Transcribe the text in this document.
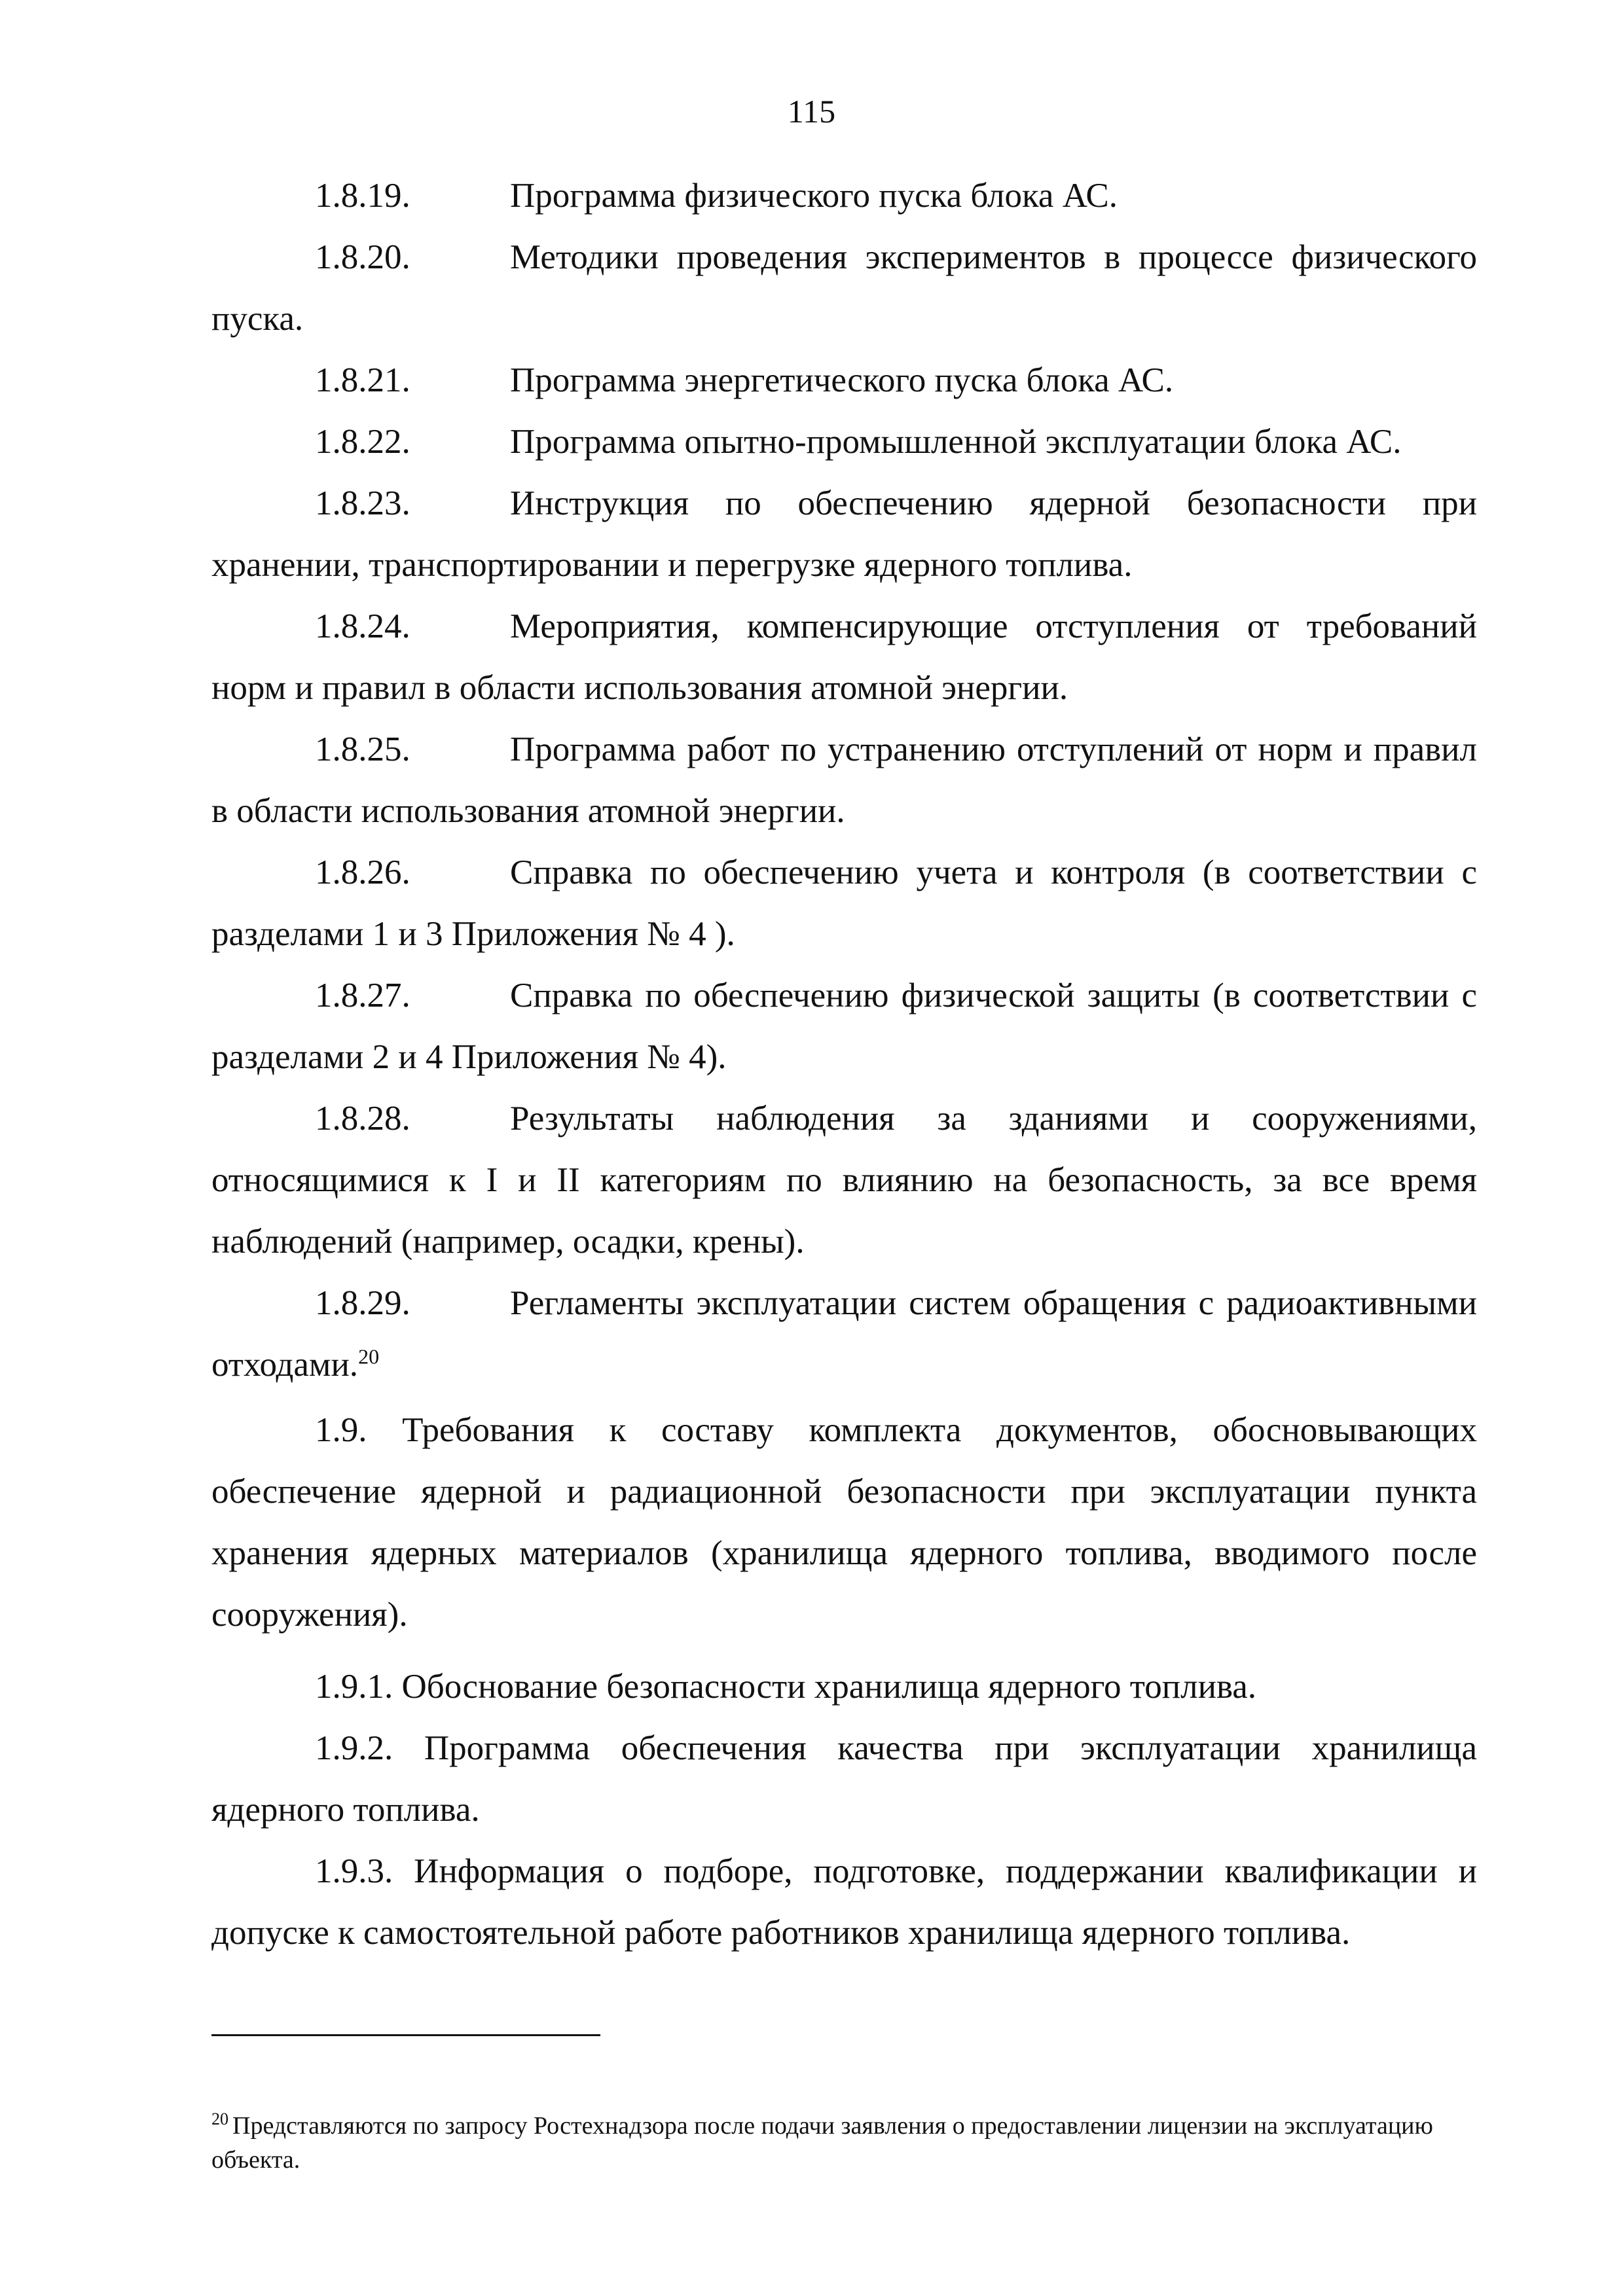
115

1.8.19.	Программа физического пуска блока АС.

1.8.20.	Методики проведения экспериментов в процессе физического пуска.

1.8.21.	Программа энергетического пуска блока АС.

1.8.22.	Программа опытно-промышленной эксплуатации блока АС.

1.8.23.	Инструкция по обеспечению ядерной безопасности при хранении, транспортировании и перегрузке ядерного топлива.

1.8.24.	Мероприятия, компенсирующие отступления от требований норм и правил в области использования атомной энергии.

1.8.25.	Программа работ по устранению отступлений от норм и правил в области использования атомной энергии.

1.8.26.	Справка по обеспечению учета и контроля (в соответствии с разделами 1 и 3 Приложения № 4 ).

1.8.27.	Справка по обеспечению физической защиты (в соответствии с разделами 2 и 4 Приложения № 4).

1.8.28.	Результаты наблюдения за зданиями и сооружениями, относящимися к I и II категориям по влиянию на безопасность, за все время наблюдений (например, осадки, крены).

1.8.29.	Регламенты эксплуатации систем обращения с радиоактивными отходами.$^{20}$

1.9. Требования к составу комплекта документов, обосновывающих обеспечение ядерной и радиационной безопасности при эксплуатации пункта хранения ядерных материалов (хранилища ядерного топлива, вводимого после сооружения).

1.9.1. Обоснование безопасности хранилища ядерного топлива.

1.9.2. Программа обеспечения качества при эксплуатации хранилища ядерного топлива.

1.9.3. Информация о подборе, подготовке, поддержании квалификации и допуске к самостоятельной работе работников хранилища ядерного топлива.

$^{20}$ Представляются по запросу Ростехнадзора после подачи заявления о предоставлении лицензии на эксплуатацию объекта.
